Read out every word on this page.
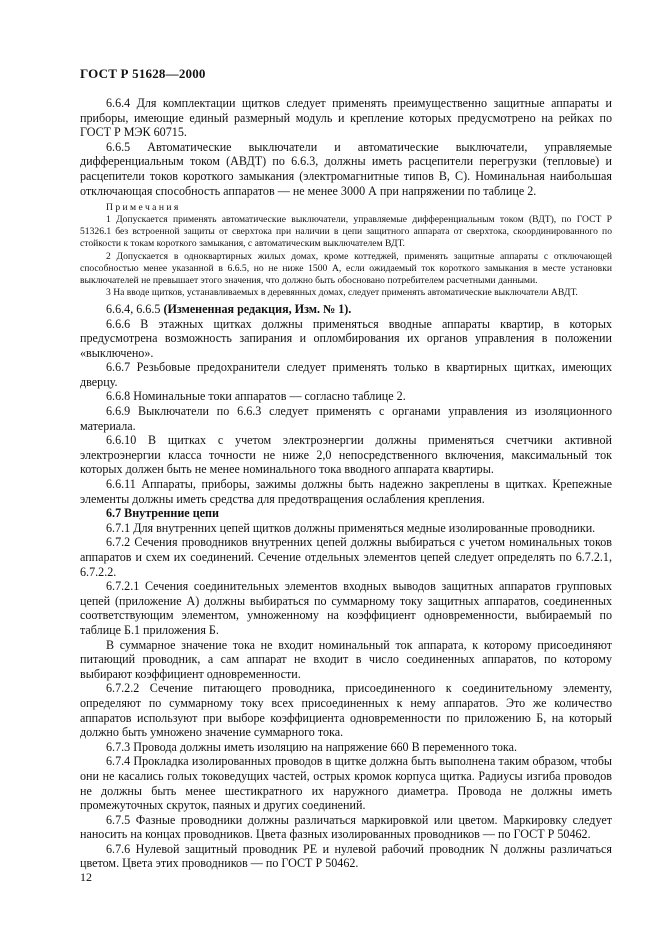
ГОСТ Р 51628—2000

6.6.4 Для комплектации щитков следует применять преимущественно защитные аппараты и приборы, имеющие единый размерный модуль и крепление которых предусмотрено на рейках по ГОСТ Р МЭК 60715.

6.6.5 Автоматические выключатели и автоматические выключатели, управляемые дифференциальным током (АВДТ) по 6.6.3, должны иметь расцепители перегрузки (тепловые) и расцепители токов короткого замыкания (электромагнитные типов В, С). Номинальная наибольшая отключающая способность аппаратов — не менее 3000 А при напряжении по таблице 2.

Примечания

1 Допускается применять автоматические выключатели, управляемые дифференциальным током (ВДТ), по ГОСТ Р 51326.1 без встроенной защиты от сверхтока при наличии в цепи защитного аппарата от сверхтока, скоординированного по стойкости к токам короткого замыкания, с автоматическим выключателем ВДТ.

2 Допускается в одноквартирных жилых домах, кроме коттеджей, применять защитные аппараты с отключающей способностью менее указанной в 6.6.5, но не ниже 1500 А, если ожидаемый ток короткого замыкания в месте установки выключателей не превышает этого значения, что должно быть обосновано потребителем расчетными данными.

3 На вводе щитков, устанавливаемых в деревянных домах, следует применять автоматические выключатели АВДТ.

6.6.4, 6.6.5 (Измененная редакция, Изм. № 1).

6.6.6 В этажных щитках должны применяться вводные аппараты квартир, в которых предусмотрена возможность запирания и опломбирования их органов управления в положении «выключено».

6.6.7 Резьбовые предохранители следует применять только в квартирных щитках, имеющих дверцу.

6.6.8 Номинальные токи аппаратов — согласно таблице 2.

6.6.9 Выключатели по 6.6.3 следует применять с органами управления из изоляционного материала.

6.6.10 В щитках с учетом электроэнергии должны применяться счетчики активной электроэнергии класса точности не ниже 2,0 непосредственного включения, максимальный ток которых должен быть не менее номинального тока вводного аппарата квартиры.

6.6.11 Аппараты, приборы, зажимы должны быть надежно закреплены в щитках. Крепежные элементы должны иметь средства для предотвращения ослабления крепления.

6.7 Внутренние цепи

6.7.1 Для внутренних цепей щитков должны применяться медные изолированные проводники.

6.7.2 Сечения проводников внутренних цепей должны выбираться с учетом номинальных токов аппаратов и схем их соединений. Сечение отдельных элементов цепей следует определять по 6.7.2.1, 6.7.2.2.

6.7.2.1 Сечения соединительных элементов входных выводов защитных аппаратов групповых цепей (приложение А) должны выбираться по суммарному току защитных аппаратов, соединенных соответствующим элементом, умноженному на коэффициент одновременности, выбираемый по таблице Б.1 приложения Б.

В суммарное значение тока не входит номинальный ток аппарата, к которому присоединяют питающий проводник, а сам аппарат не входит в число соединенных аппаратов, по которому выбирают коэффициент одновременности.

6.7.2.2 Сечение питающего проводника, присоединенного к соединительному элементу, определяют по суммарному току всех присоединенных к нему аппаратов. Это же количество аппаратов используют при выборе коэффициента одновременности по приложению Б, на который должно быть умножено значение суммарного тока.

6.7.3 Провода должны иметь изоляцию на напряжение 660 В переменного тока.

6.7.4 Прокладка изолированных проводов в щитке должна быть выполнена таким образом, чтобы они не касались голых токоведущих частей, острых кромок корпуса щитка. Радиусы изгиба проводов не должны быть менее шестикратного их наружного диаметра. Провода не должны иметь промежуточных скруток, паяных и других соединений.

6.7.5 Фазные проводники должны различаться маркировкой или цветом. Маркировку следует наносить на концах проводников. Цвета фазных изолированных проводников — по ГОСТ Р 50462.

6.7.6 Нулевой защитный проводник РЕ и нулевой рабочий проводник N должны различаться цветом. Цвета этих проводников — по ГОСТ Р 50462.

12
